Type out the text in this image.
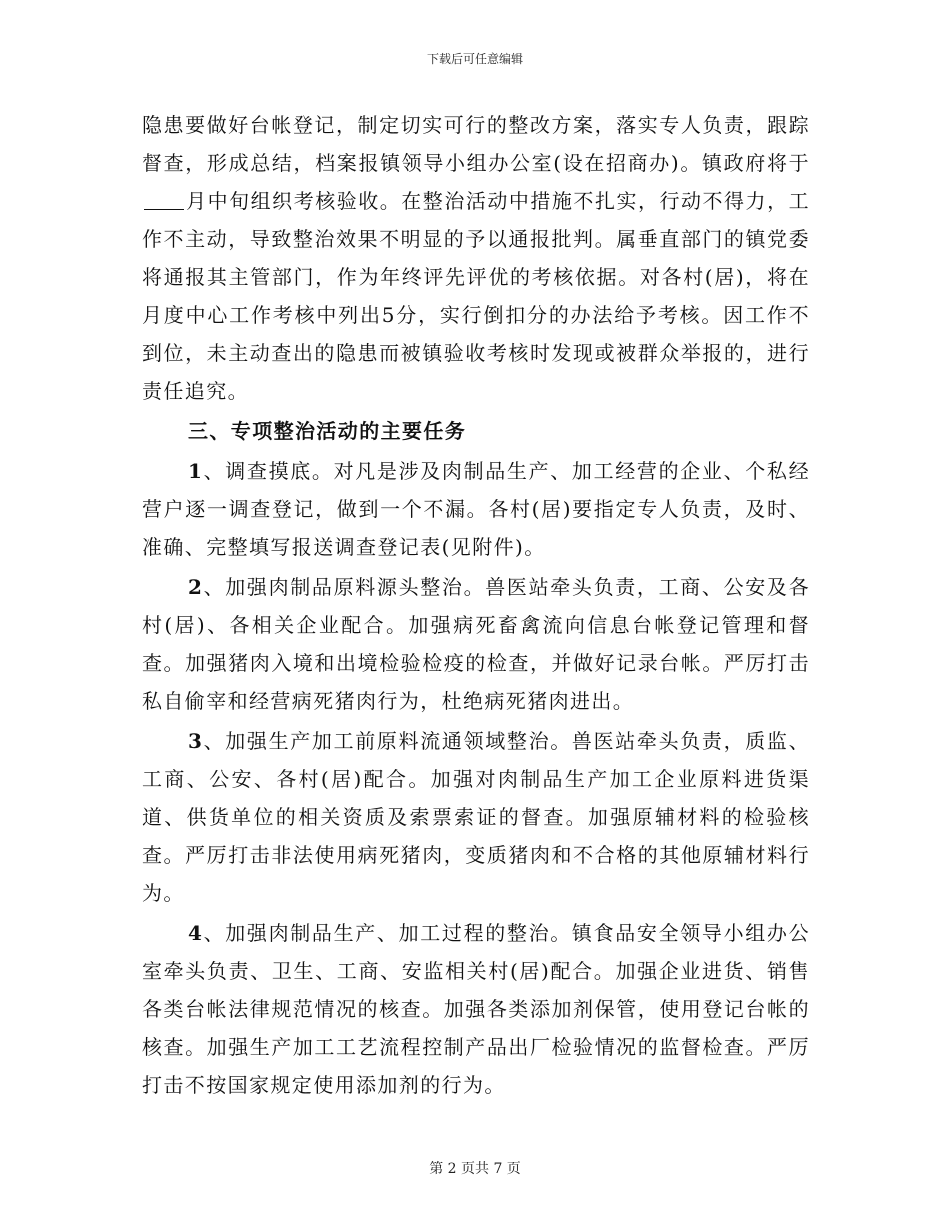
下载后可任意编辑

隐患要做好台帐登记，制定切实可行的整改方案，落实专人负责，跟踪督查，形成总结，档案报镇领导小组办公室(设在招商办)。镇政府将于月中旬组织考核验收。在整治活动中措施不扎实，行动不得力，工作不主动，导致整治效果不明显的予以通报批判。属垂直部门的镇党委将通报其主管部门，作为年终评先评优的考核依据。对各村(居)，将在月度中心工作考核中列出5分，实行倒扣分的办法给予考核。因工作不到位，未主动查出的隐患而被镇验收考核时发现或被群众举报的，进行责任追究。

三、专项整治活动的主要任务

1、调查摸底。对凡是涉及肉制品生产、加工经营的企业、个私经营户逐一调查登记，做到一个不漏。各村(居)要指定专人负责，及时、准确、完整填写报送调查登记表(见附件)。

2、加强肉制品原料源头整治。兽医站牵头负责，工商、公安及各村(居)、各相关企业配合。加强病死畜禽流向信息台帐登记管理和督查。加强猪肉入境和出境检验检疫的检查，并做好记录台帐。严厉打击私自偷宰和经营病死猪肉行为，杜绝病死猪肉进出。

3、加强生产加工前原料流通领域整治。兽医站牵头负责，质监、工商、公安、各村(居)配合。加强对肉制品生产加工企业原料进货渠道、供货单位的相关资质及索票索证的督查。加强原辅材料的检验核查。严厉打击非法使用病死猪肉，变质猪肉和不合格的其他原辅材料行为。

4、加强肉制品生产、加工过程的整治。镇食品安全领导小组办公室牵头负责、卫生、工商、安监相关村(居)配合。加强企业进货、销售各类台帐法律规范情况的核查。加强各类添加剂保管，使用登记台帐的核查。加强生产加工工艺流程控制产品出厂检验情况的监督检查。严厉打击不按国家规定使用添加剂的行为。

第 2 页共 7 页
